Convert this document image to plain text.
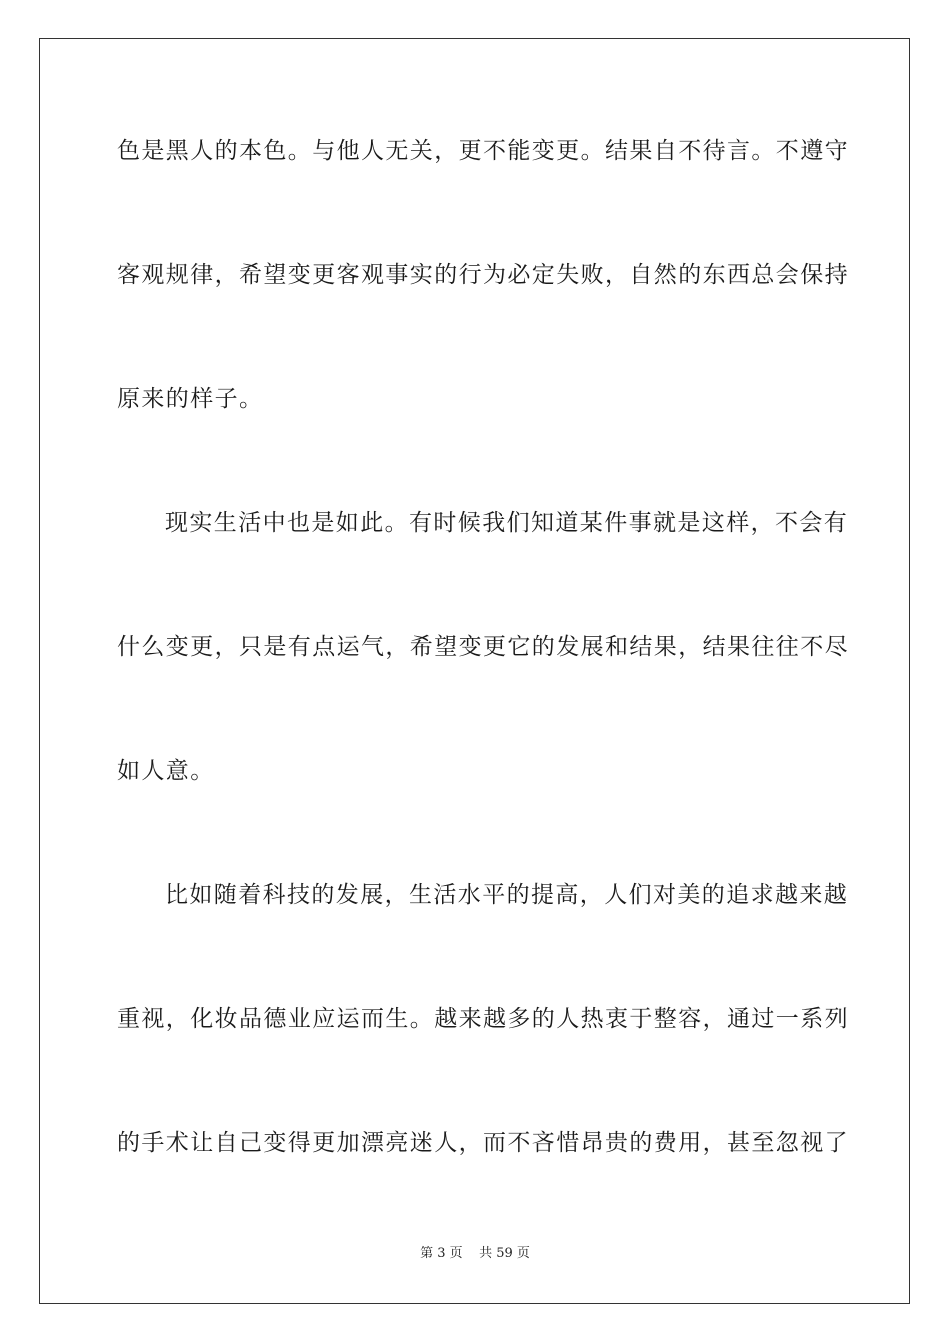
色是黑人的本色。与他人无关，更不能变更。结果自不待言。不遵守
客观规律，希望变更客观事实的行为必定失败，自然的东西总会保持
原来的样子。
现实生活中也是如此。有时候我们知道某件事就是这样，不会有
什么变更，只是有点运气，希望变更它的发展和结果，结果往往不尽
如人意。
比如随着科技的发展，生活水平的提高，人们对美的追求越来越
重视，化妆品德业应运而生。越来越多的人热衷于整容，通过一系列
的手术让自己变得更加漂亮迷人，而不吝惜昂贵的费用，甚至忽视了
第 3 页    共 59 页
